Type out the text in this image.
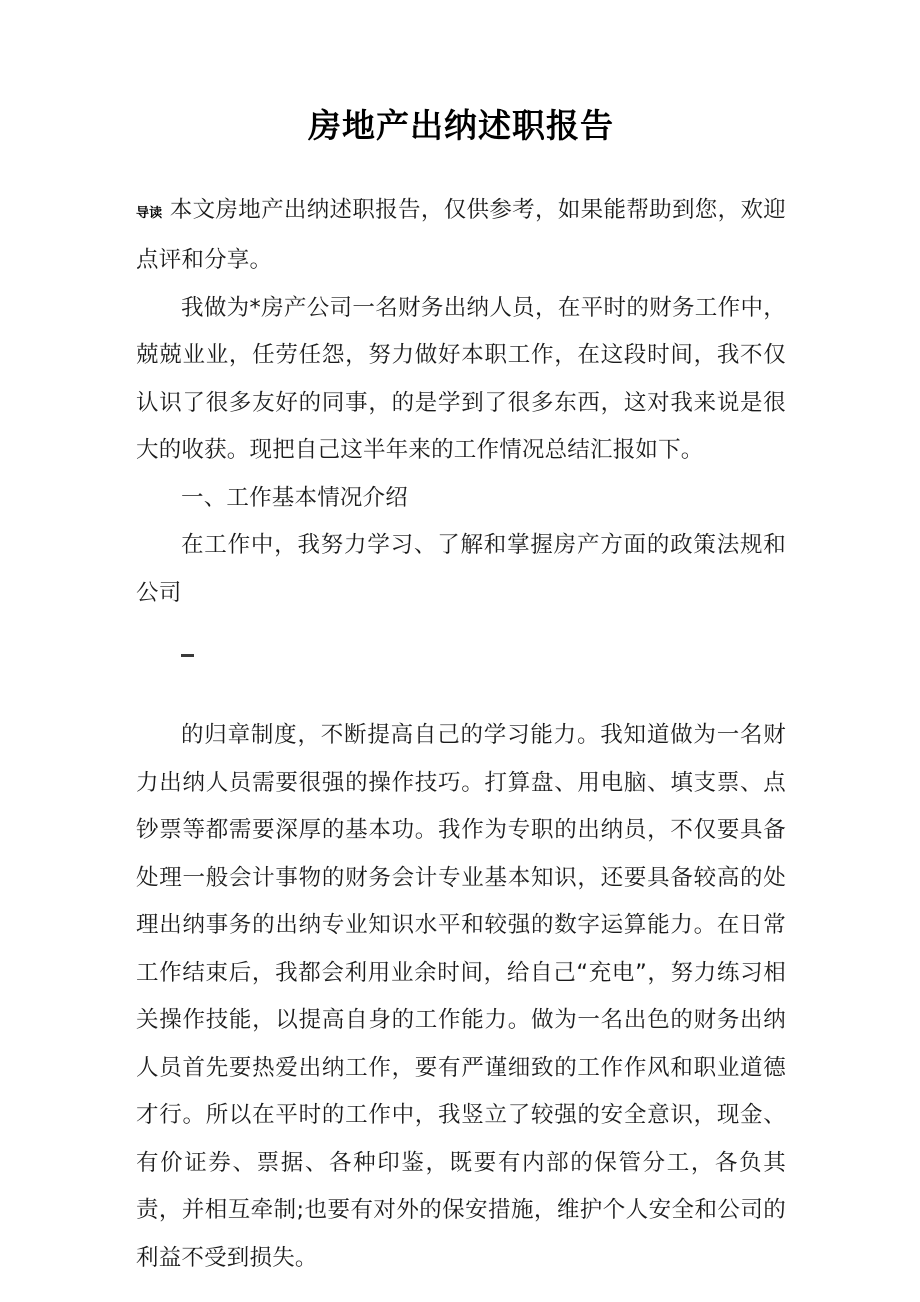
房地产出纳述职报告

导读 本文房地产出纳述职报告，仅供参考，如果能帮助到您，欢迎 点评和分享。

我做为*房产公司一名财务出纳人员，在平时的财务工作中，兢兢业业，任劳任怨，努力做好本职工作，在这段时间，我不仅认识了很多友好的同事，的是学到了很多东西，这对我来说是很大的收获。现把自己这半年来的工作情况总结汇报如下。

一、工作基本情况介绍

在工作中，我努力学习、了解和掌握房产方面的政策法规和公司

的归章制度，不断提高自己的学习能力。我知道做为一名财力出纳人员需要很强的操作技巧。打算盘、用电脑、填支票、点钞票等都需要深厚的基本功。我作为专职的出纳员，不仅要具备处理一般会计事物的财务会计专业基本知识，还要具备较高的处理出纳事务的出纳专业知识水平和较强的数字运算能力。在日常工作结束后，我都会利用业余时间，给自己“充电”，努力练习相关操作技能，以提高自身的工作能力。做为一名出色的财务出纳人员首先要热爱出纳工作，要有严谨细致的工作作风和职业道德才行。所以在平时的工作中，我竖立了较强的安全意识，现金、有价证券、票据、各种印鉴，既要有内部的保管分工，各负其责，并相互牵制;也要有对外的保安措施，维护个人安全和公司的利益不受到损失。
